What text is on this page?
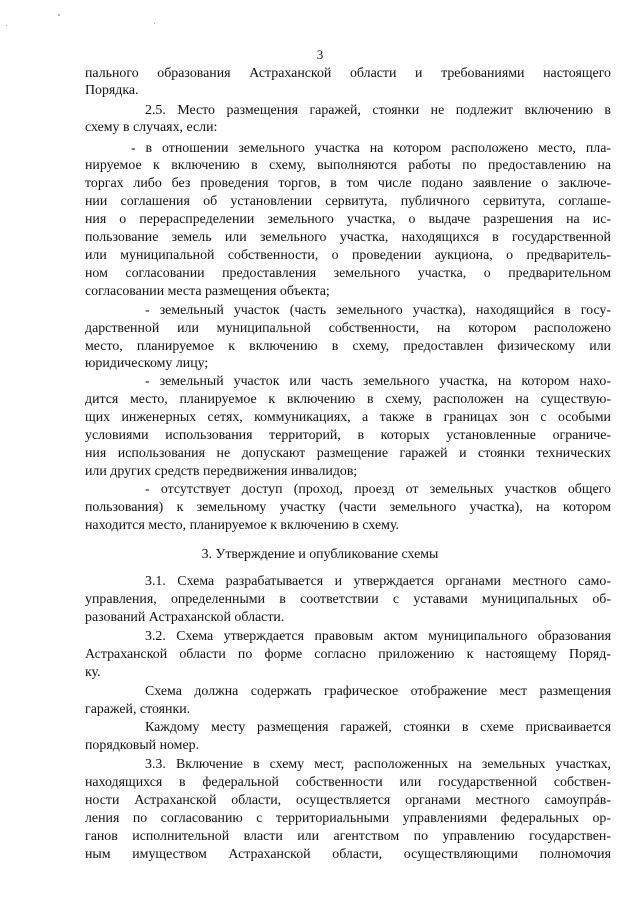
3
пального образования Астраханской области и требованиями настоящего
Порядка.
2.5. Место размещения гаражей, стоянки не подлежит включению в
схему в случаях, если:
- в отношении земельного участка на котором расположено место, пла-
нируемое к включению в схему, выполняются работы по предоставлению на
торгах либо без проведения торгов, в том числе подано заявление о заключе-
нии соглашения об установлении сервитута, публичного сервитута, соглаше-
ния о перераспределении земельного участка, о выдаче разрешения на ис-
пользование земель или земельного участка, находящихся в государственной
или муниципальной собственности, о проведении аукциона, о предваритель-
ном согласовании предоставления земельного участка, о предварительном
согласовании места размещения объекта;
- земельный участок (часть земельного участка), находящийся в госу-
дарственной или муниципальной собственности, на котором расположено
место, планируемое к включению в схему, предоставлен физическому или
юридическому лицу;
- земельный участок или часть земельного участка, на котором нахо-
дится место, планируемое к включению в схему, расположен на существую-
щих инженерных сетях, коммуникациях, а также в границах зон с особыми
условиями использования территорий, в которых установленные ограниче-
ния использования не допускают размещение гаражей и стоянки технических
или других средств передвижения инвалидов;
- отсутствует доступ (проход, проезд от земельных участков общего
пользования) к земельному участку (части земельного участка), на котором
находится место, планируемое к включению в схему.
3. Утверждение и опубликование схемы
3.1. Схема разрабатывается и утверждается органами местного само-
управления, определенными в соответствии с уставами муниципальных об-
разований Астраханской области.
3.2. Схема утверждается правовым актом муниципального образования
Астраханской области по форме согласно приложению к настоящему Поряд-
ку.
Схема должна содержать графическое отображение мест размещения
гаражей, стоянки.
Каждому месту размещения гаражей, стоянки в схеме присваивается
порядковый номер.
3.3. Включение в схему мест, расположенных на земельных участках,
находящихся в федеральной собственности или государственной собствен-
ности Астраханской области, осуществляется органами местного самоупрáв-
ления по согласованию с территориальными управлениями федеральных ор-
ганов исполнительной власти или агентством по управлению государствен-
ным имуществом Астраханской области, осуществляющими полномочия
